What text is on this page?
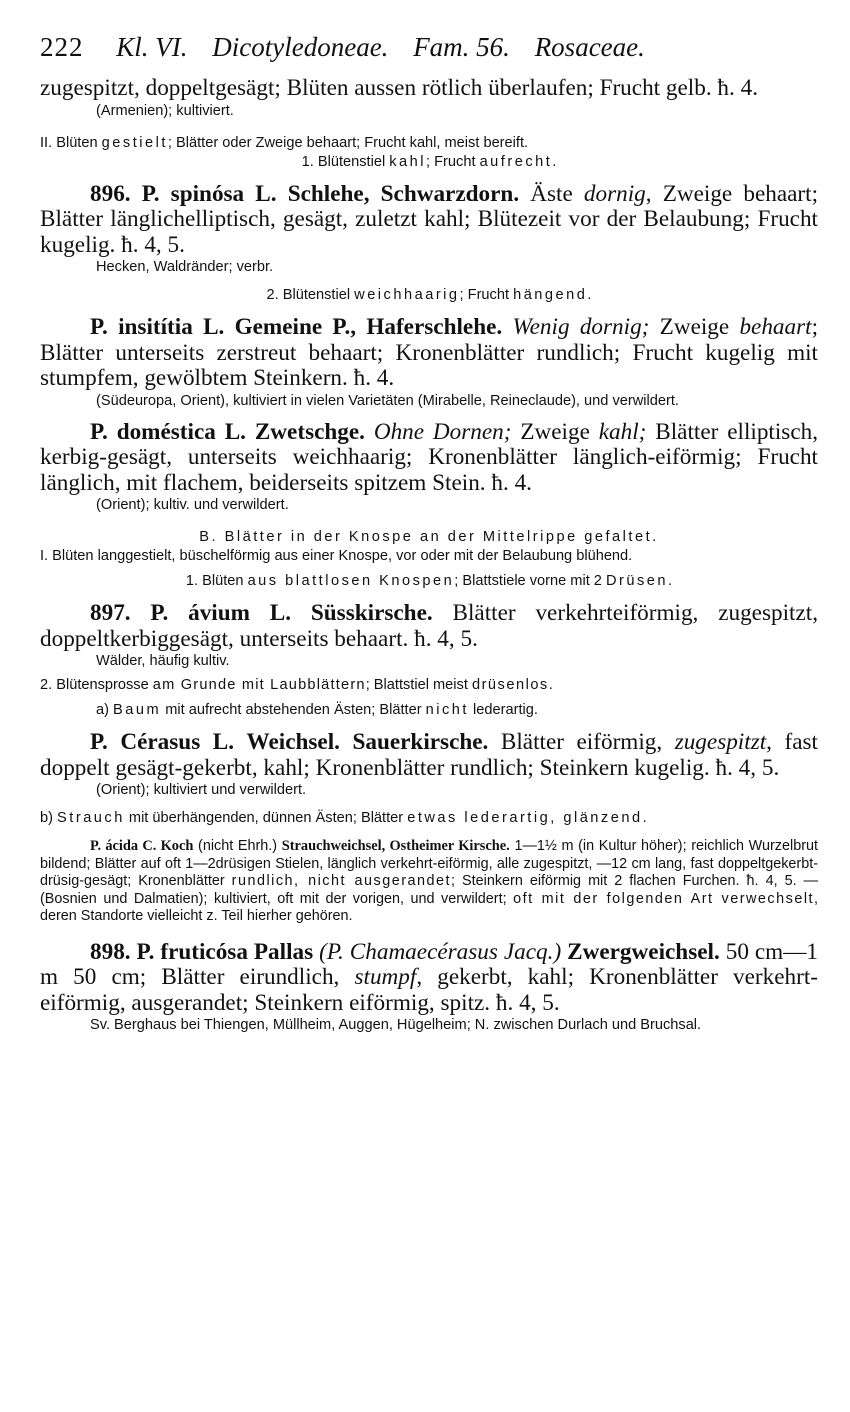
222 Kl. VI. Dicotyledoneae. Fam. 56. Rosaceae.

zugespitzt, doppeltgesägt; Blüten aussen rötlich überlaufen; Frucht gelb. ħ. 4.

(Armenien); kultiviert.
II. Blüten gestielt; Blätter oder Zweige behaart; Frucht kahl, meist bereift.
1. Blütenstiel kahl; Frucht aufrecht.

896. P. spinósa L. Schlehe, Schwarzdorn. Äste dornig, Zweige behaart; Blätter länglichelliptisch, gesägt, zuletzt kahl; Blütezeit vor der Belaubung; Frucht kugelig. ħ. 4, 5.

Hecken, Waldränder; verbr.
2. Blütenstiel weichhaarig; Frucht hängend.

P. insitítia L. Gemeine P., Haferschlehe. Wenig dornig; Zweige behaart; Blätter unterseits zerstreut behaart; Kronenblätter rundlich; Frucht kugelig mit stumpfem, gewölbtem Steinkern. ħ. 4.

(Südeuropa, Orient), kultiviert in vielen Varietäten (Mirabelle, Reineclaude), und verwildert.

P. doméstica L. Zwetschge. Ohne Dornen; Zweige kahl; Blätter elliptisch, kerbig-gesägt, unterseits weichhaarig; Kronenblätter länglich-eiförmig; Frucht länglich, mit flachem, beiderseits spitzem Stein. ħ. 4.

(Orient); kultiv. und verwildert.
B. Blätter in der Knospe an der Mittelrippe gefaltet.
I. Blüten langgestielt, büschelförmig aus einer Knospe, vor oder mit der Belaubung blühend.
1. Blüten aus blattlosen Knospen; Blattstiele vorne mit 2 Drüsen.

897. P. ávium L. Süsskirsche. Blätter verkehrteiförmig, zugespitzt, doppeltkerbiggesägt, unterseits behaart. ħ. 4, 5.

Wälder, häufig kultiv.
2. Blütensprosse am Grunde mit Laubblättern; Blattstiel meist drüsenlos.
a) Baum mit aufrecht abstehenden Ästen; Blätter nicht lederartig.

P. Cérasus L. Weichsel. Sauerkirsche. Blätter eiförmig, zugespitzt, fast doppelt gesägt-gekerbt, kahl; Kronenblätter rundlich; Steinkern kugelig. ħ. 4, 5.

(Orient); kultiviert und verwildert.
b) Strauch mit überhängenden, dünnen Ästen; Blätter etwas lederartig, glänzend.
P. ácida C. Koch (nicht Ehrh.) Strauchweichsel, Ostheimer Kirsche. 1—1½ m (in Kultur höher); reichlich Wurzelbrut bildend; Blätter auf oft 1—2drüsigen Stielen, länglich verkehrt-eiförmig, alle zugespitzt, —12 cm lang, fast doppeltgekerbt-drüsig-gesägt; Kronenblätter rundlich, nicht ausgerandet; Steinkern eiförmig mit 2 flachen Furchen. ħ. 4, 5. — (Bosnien und Dalmatien); kultiviert, oft mit der vorigen, und verwildert; oft mit der folgenden Art verwechselt, deren Standorte vielleicht z. Teil hierher gehören.

898. P. fruticósa Pallas (P. Chamaecérasus Jacq.) Zwergweichsel. 50 cm—1 m 50 cm; Blätter eirundlich, stumpf, gekerbt, kahl; Kronenblätter verkehrt-eiförmig, ausgerandet; Steinkern eiförmig, spitz. ħ. 4, 5.

Sv. Berghaus bei Thiengen, Müllheim, Auggen, Hügelheim; N. zwischen Durlach und Bruchsal.
